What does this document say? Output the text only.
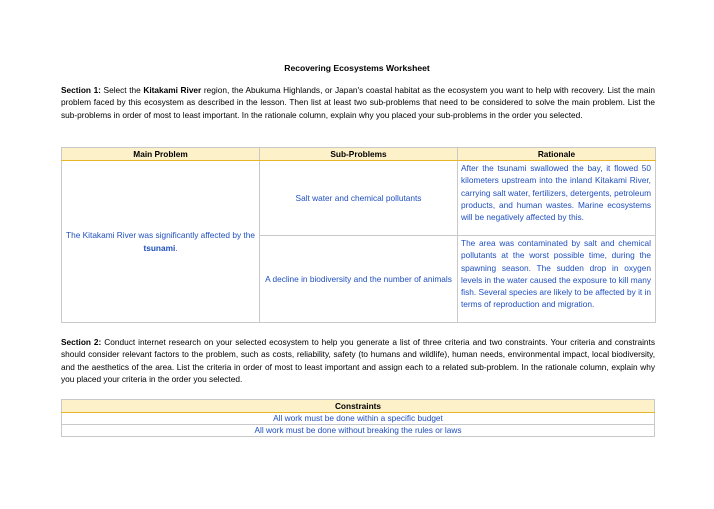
Recovering Ecosystems Worksheet
Section 1: Select the Kitakami River region, the Abukuma Highlands, or Japan's coastal habitat as the ecosystem you want to help with recovery. List the main problem faced by this ecosystem as described in the lesson. Then list at least two sub-problems that need to be considered to solve the main problem. List the sub-problems in order of most to least important. In the rationale column, explain why you placed your sub-problems in the order you selected.
Main Problem	Sub-Problems	Rationale
The Kitakami River was significantly affected by the tsunami.	Salt water and chemical pollutants	After the tsunami swallowed the bay, it flowed 50 kilometers upstream into the inland Kitakami River, carrying salt water, fertilizers, detergents, petroleum products, and human wastes. Marine ecosystems will be negatively affected by this.
	A decline in biodiversity and the number of animals	The area was contaminated by salt and chemical pollutants at the worst possible time, during the spawning season. The sudden drop in oxygen levels in the water caused the exposure to kill many fish. Several species are likely to be affected by it in terms of reproduction and migration.
Section 2: Conduct internet research on your selected ecosystem to help you generate a list of three criteria and two constraints. Your criteria and constraints should consider relevant factors to the problem, such as costs, reliability, safety (to humans and wildlife), human needs, environmental impact, local biodiversity, and the aesthetics of the area. List the criteria in order of most to least important and assign each to a related sub-problem. In the rationale column, explain why you placed your criteria in the order you selected.
Constraints
All work must be done within a specific budget
All work must be done without breaking the rules or laws
